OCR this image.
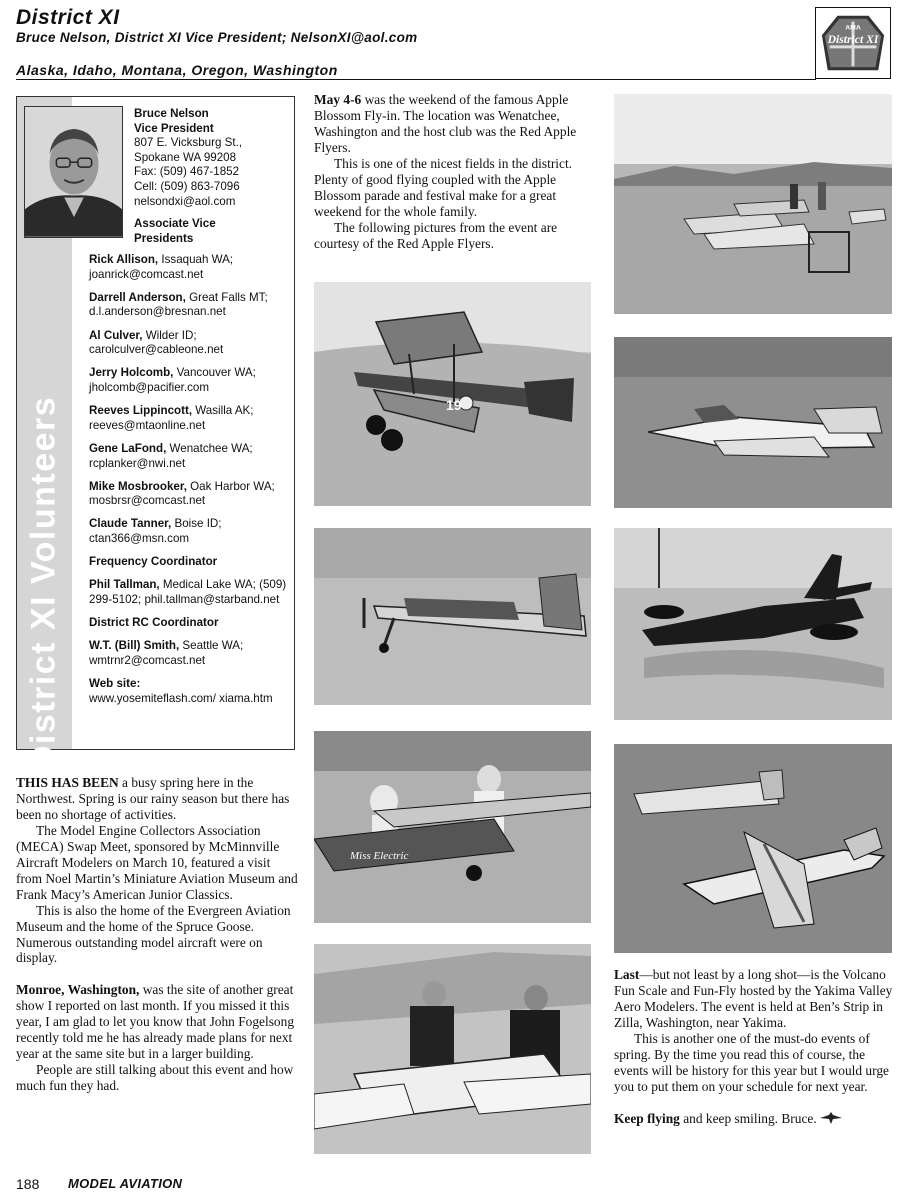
District XI
Bruce Nelson, District XI Vice President; NelsonXI@aol.com
Alaska, Idaho, Montana, Oregon, Washington
AMA
District XI
District XI Volunteers
Bruce Nelson
Vice President
807 E. Vicksburg St.,
Spokane WA 99208
Fax: (509) 467-1852
Cell: (509) 863-7096
nelsondxi@aol.com
Associate Vice
Presidents
Rick Allison, Issaquah WA; joanrick@comcast.net
Darrell Anderson, Great Falls MT; d.l.anderson@bresnan.net
Al Culver, Wilder ID; carolculver@cableone.net
Jerry Holcomb, Vancouver WA; jholcomb@pacifier.com
Reeves Lippincott, Wasilla AK; reeves@mtaonline.net
Gene LaFond, Wenatchee WA; rcplanker@nwi.net
Mike Mosbrooker, Oak Harbor WA; mosbrsr@comcast.net
Claude Tanner, Boise ID; ctan366@msn.com
Frequency Coordinator
Phil Tallman, Medical Lake WA; (509) 299-5102; phil.tallman@starband.net
District RC Coordinator
W.T. (Bill) Smith, Seattle WA; wmtrnr2@comcast.net
Web site:
www.yosemiteflash.com/ xiama.htm

THIS HAS BEEN a busy spring here in the Northwest. Spring is our rainy season but there has been no shortage of activities.

The Model Engine Collectors Association (MECA) Swap Meet, sponsored by McMinnville Aircraft Modelers on March 10, featured a visit from Noel Martin’s Miniature Aviation Museum and Frank Macy’s American Junior Classics.

This is also the home of the Evergreen Aviation Museum and the home of the Spruce Goose. Numerous outstanding model aircraft were on display.

Monroe, Washington, was the site of another great show I reported on last month. If you missed it this year, I am glad to let you know that John Fogelsong recently told me he has already made plans for next year at the same site but in a larger building.

People are still talking about this event and how much fun they had.

May 4-6 was the weekend of the famous Apple Blossom Fly-in. The location was Wenatchee, Washington and the host club was the Red Apple Flyers.

This is one of the nicest fields in the district. Plenty of good flying coupled with the Apple Blossom parade and festival make for a great weekend for the whole family.

The following pictures from the event are courtesy of the Red Apple Flyers.

Last—but not least by a long shot—is the Volcano Fun Scale and Fun-Fly hosted by the Yakima Valley Aero Modelers. The event is held at Ben’s Strip in Zilla, Washington, near Yakima.

This is another one of the must-do events of spring. By the time you read this of course, the events will be history for this year but I would urge you to put them on your schedule for next year.

Keep flying and keep smiling. Bruce.

19
Miss Electric
188 MODEL AVIATION
